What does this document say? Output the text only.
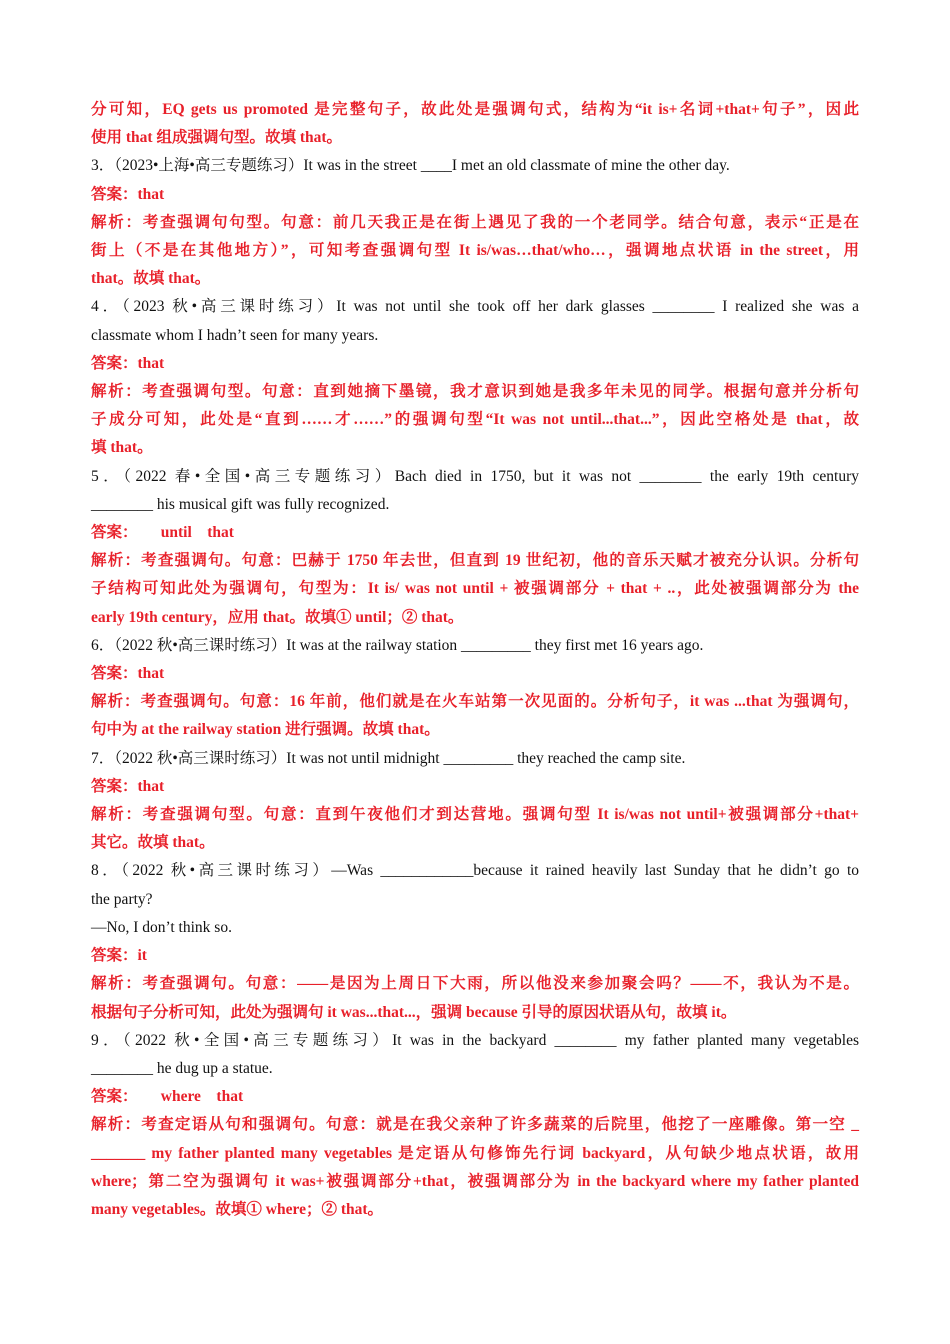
分可知，EQ gets us promoted 是完整句子，故此处是强调句式，结构为“it is+名词+that+句子”，因此
使用 that 组成强调句型。故填 that。
3．（2023•上海•高三专题练习）It was in the street ____I met an old classmate of mine the other day.
答案：that
解析：考查强调句句型。句意：前几天我正是在街上遇见了我的一个老同学。结合句意，表示“正是在
街上（不是在其他地方）”，可知考查强调句型 It is/was…that/who…，强调地点状语 in the street，用
that。故填 that。
4．（2023 秋•高三课时练习）It was not until she took off her dark glasses ________ I realized she was a
classmate whom I hadn’t seen for many years.
答案：that
解析：考查强调句型。句意：直到她摘下墨镜，我才意识到她是我多年未见的同学。根据句意并分析句
子成分可知，此处是“直到……才……”的强调句型“It was not until...that...”，因此空格处是 that，故
填 that。
5．（2022 春•全国•高三专题练习）Bach died in 1750, but it was not ________ the early 19th century
________ his musical gift was fully recognized.
答案：      until    that
解析：考查强调句。句意：巴赫于 1750 年去世，但直到 19 世纪初，他的音乐天赋才被充分认识。分析句
子结构可知此处为强调句，句型为：It is/ was not until + 被强调部分 + that + ..，此处被强调部分为 the
early 19th century，应用 that。故填① until；② that。
6．（2022 秋•高三课时练习）It was at the railway station _________ they first met 16 years ago.
答案：that
解析：考查强调句。句意：16 年前，他们就是在火车站第一次见面的。分析句子，it was ...that 为强调句，
句中为 at the railway station 进行强调。故填 that。
7．（2022 秋•高三课时练习）It was not until midnight _________ they reached the camp site.
答案：that
解析：考查强调句型。句意：直到午夜他们才到达营地。强调句型 It is/was not until+被强调部分+that+
其它。故填 that。
8．（2022 秋•高三课时练习）—Was ____________because it rained heavily last Sunday that he didn’t go to
the party?
—No, I don’t think so.
答案：it
解析：考查强调句。句意：——是因为上周日下大雨，所以他没来参加聚会吗？——不，我认为不是。
根据句子分析可知，此处为强调句 it was...that...，强调 because 引导的原因状语从句，故填 it。
9．（2022 秋•全国•高三专题练习）It was in the backyard ________ my father planted many vegetables
________ he dug up a statue.
答案：      where    that
解析：考查定语从句和强调句。句意：就是在我父亲种了许多蔬菜的后院里，他挖了一座雕像。第一空 _
_______ my father planted many vegetables 是定语从句修饰先行词 backyard，从句缺少地点状语，故用
where；第二空为强调句 it was+被强调部分+that，被强调部分为 in the backyard where my father planted
many vegetables。故填① where；② that。
